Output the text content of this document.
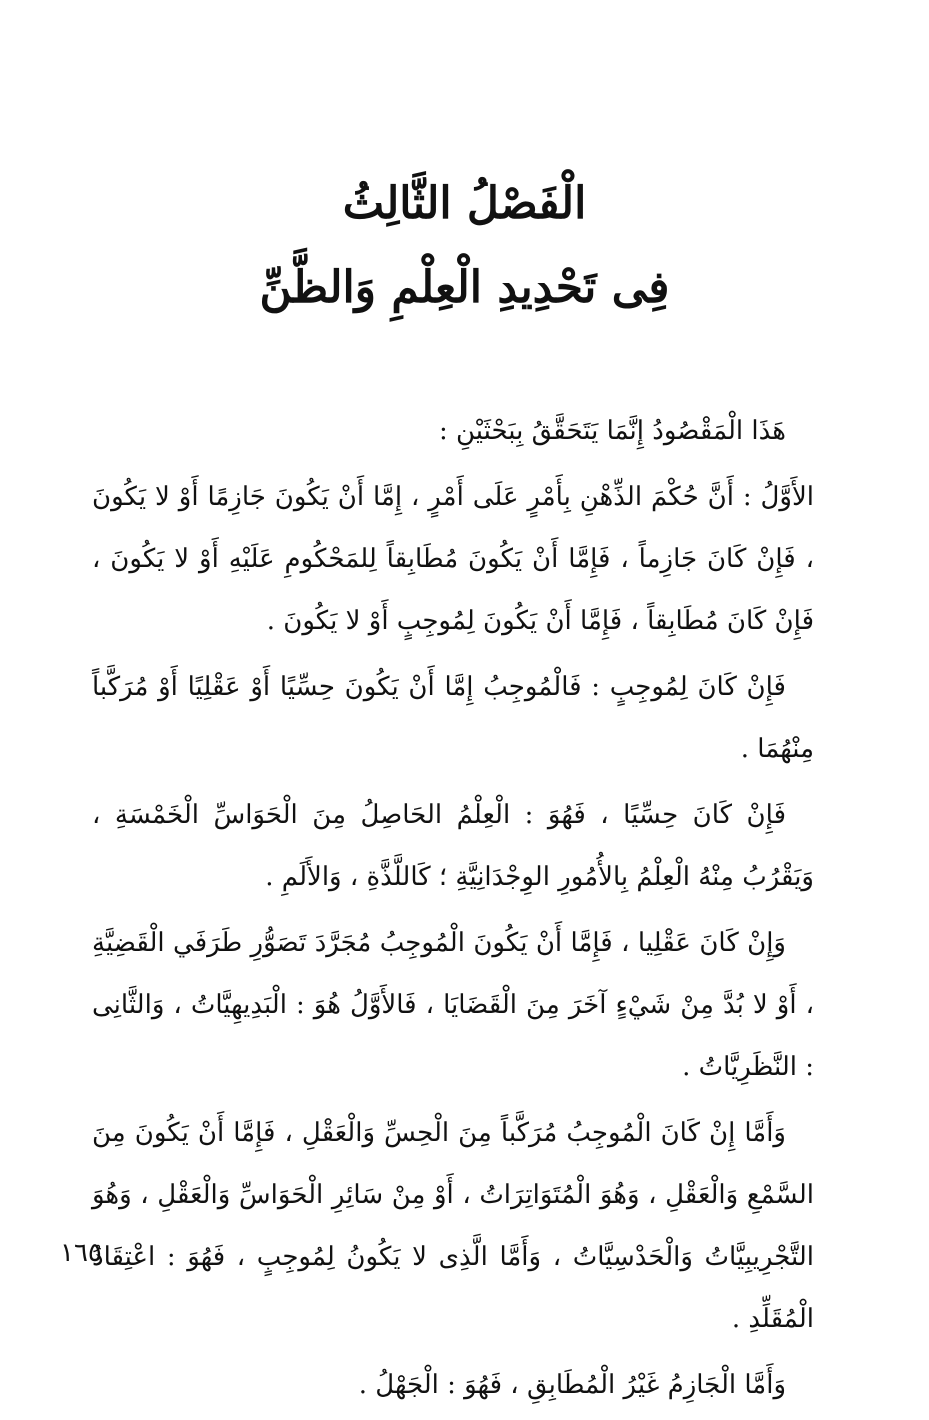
الْفَصْلُ الثَّالِثُ
فِى تَحْدِيدِ الْعِلْمِ وَالظَّنِّ

هَذَا الْمَقْصُودُ إِنَّمَا يَتَحَقَّقُ بِبَحْثَيْنِ :

الأَوَّلُ : أَنَّ حُكْمَ الذِّهْنِ بِأَمْرٍ عَلَى أَمْرٍ ، إِمَّا أَنْ يَكُونَ جَازِمًا أَوْ لا يَكُونَ ، فَإِنْ كَانَ جَازِماً ، فَإِمَّا أَنْ يَكُونَ مُطَابِقاً لِلمَحْكُومِ عَلَيْهِ أَوْ لا يَكُونَ ، فَإِنْ كَانَ مُطَابِقاً ، فَإِمَّا أَنْ يَكُونَ لِمُوجِبٍ أَوْ لا يَكُونَ .

فَإِنْ كَانَ لِمُوجِبٍ : فَالْمُوجِبُ إِمَّا أَنْ يَكُونَ حِسِّيًا أَوْ عَقْلِيًا أَوْ مُرَكَّباً مِنْهُمَا .

فَإِنْ كَانَ حِسِّيًا ، فَهُوَ : الْعِلْمُ الحَاصِلُ مِنَ الْحَوَاسِّ الْخَمْسَةِ ، وَيَقْرُبُ مِنْهُ الْعِلْمُ بِالأُمُورِ الوِجْدَانِيَّةِ ؛ كَاللَّذَّةِ ، وَالأَلَمِ .

وَإِنْ كَانَ عَقْلِيا ، فَإِمَّا أَنْ يَكُونَ الْمُوجِبُ مُجَرَّدَ تَصَوُّرِ طَرَفَي الْقَضِيَّةِ ، أَوْ لا بُدَّ مِنْ شَيْءٍ آخَرَ مِنَ الْقَضَايَا ، فَالأَوَّلُ هُوَ : الْبَدِيهِيَّاتُ ، وَالثَّانِى : النَّظَرِيَّاتُ .

وَأَمَّا إِنْ كَانَ الْمُوجِبُ مُرَكَّباً مِنَ الْحِسِّ وَالْعَقْلِ ، فَإِمَّا أَنْ يَكُونَ مِنَ السَّمْعِ وَالْعَقْلِ ، وَهُوَ الْمُتَوَاتِرَاتُ ، أَوْ مِنْ سَائِرِ الْحَوَاسِّ وَالْعَقْلِ ، وَهُوَ التَّجْرِيبِيَّاتُ وَالْحَدْسِيَّاتُ ، وَأَمَّا الَّذِى لا يَكُونُ لِمُوجِبٍ ، فَهُوَ : اعْتِقَادُ الْمُقَلِّدِ .

وَأَمَّا الْجَازِمُ غَيْرُ الْمُطَابِقِ ، فَهُوَ : الْجَهْلُ .

١٦٥
